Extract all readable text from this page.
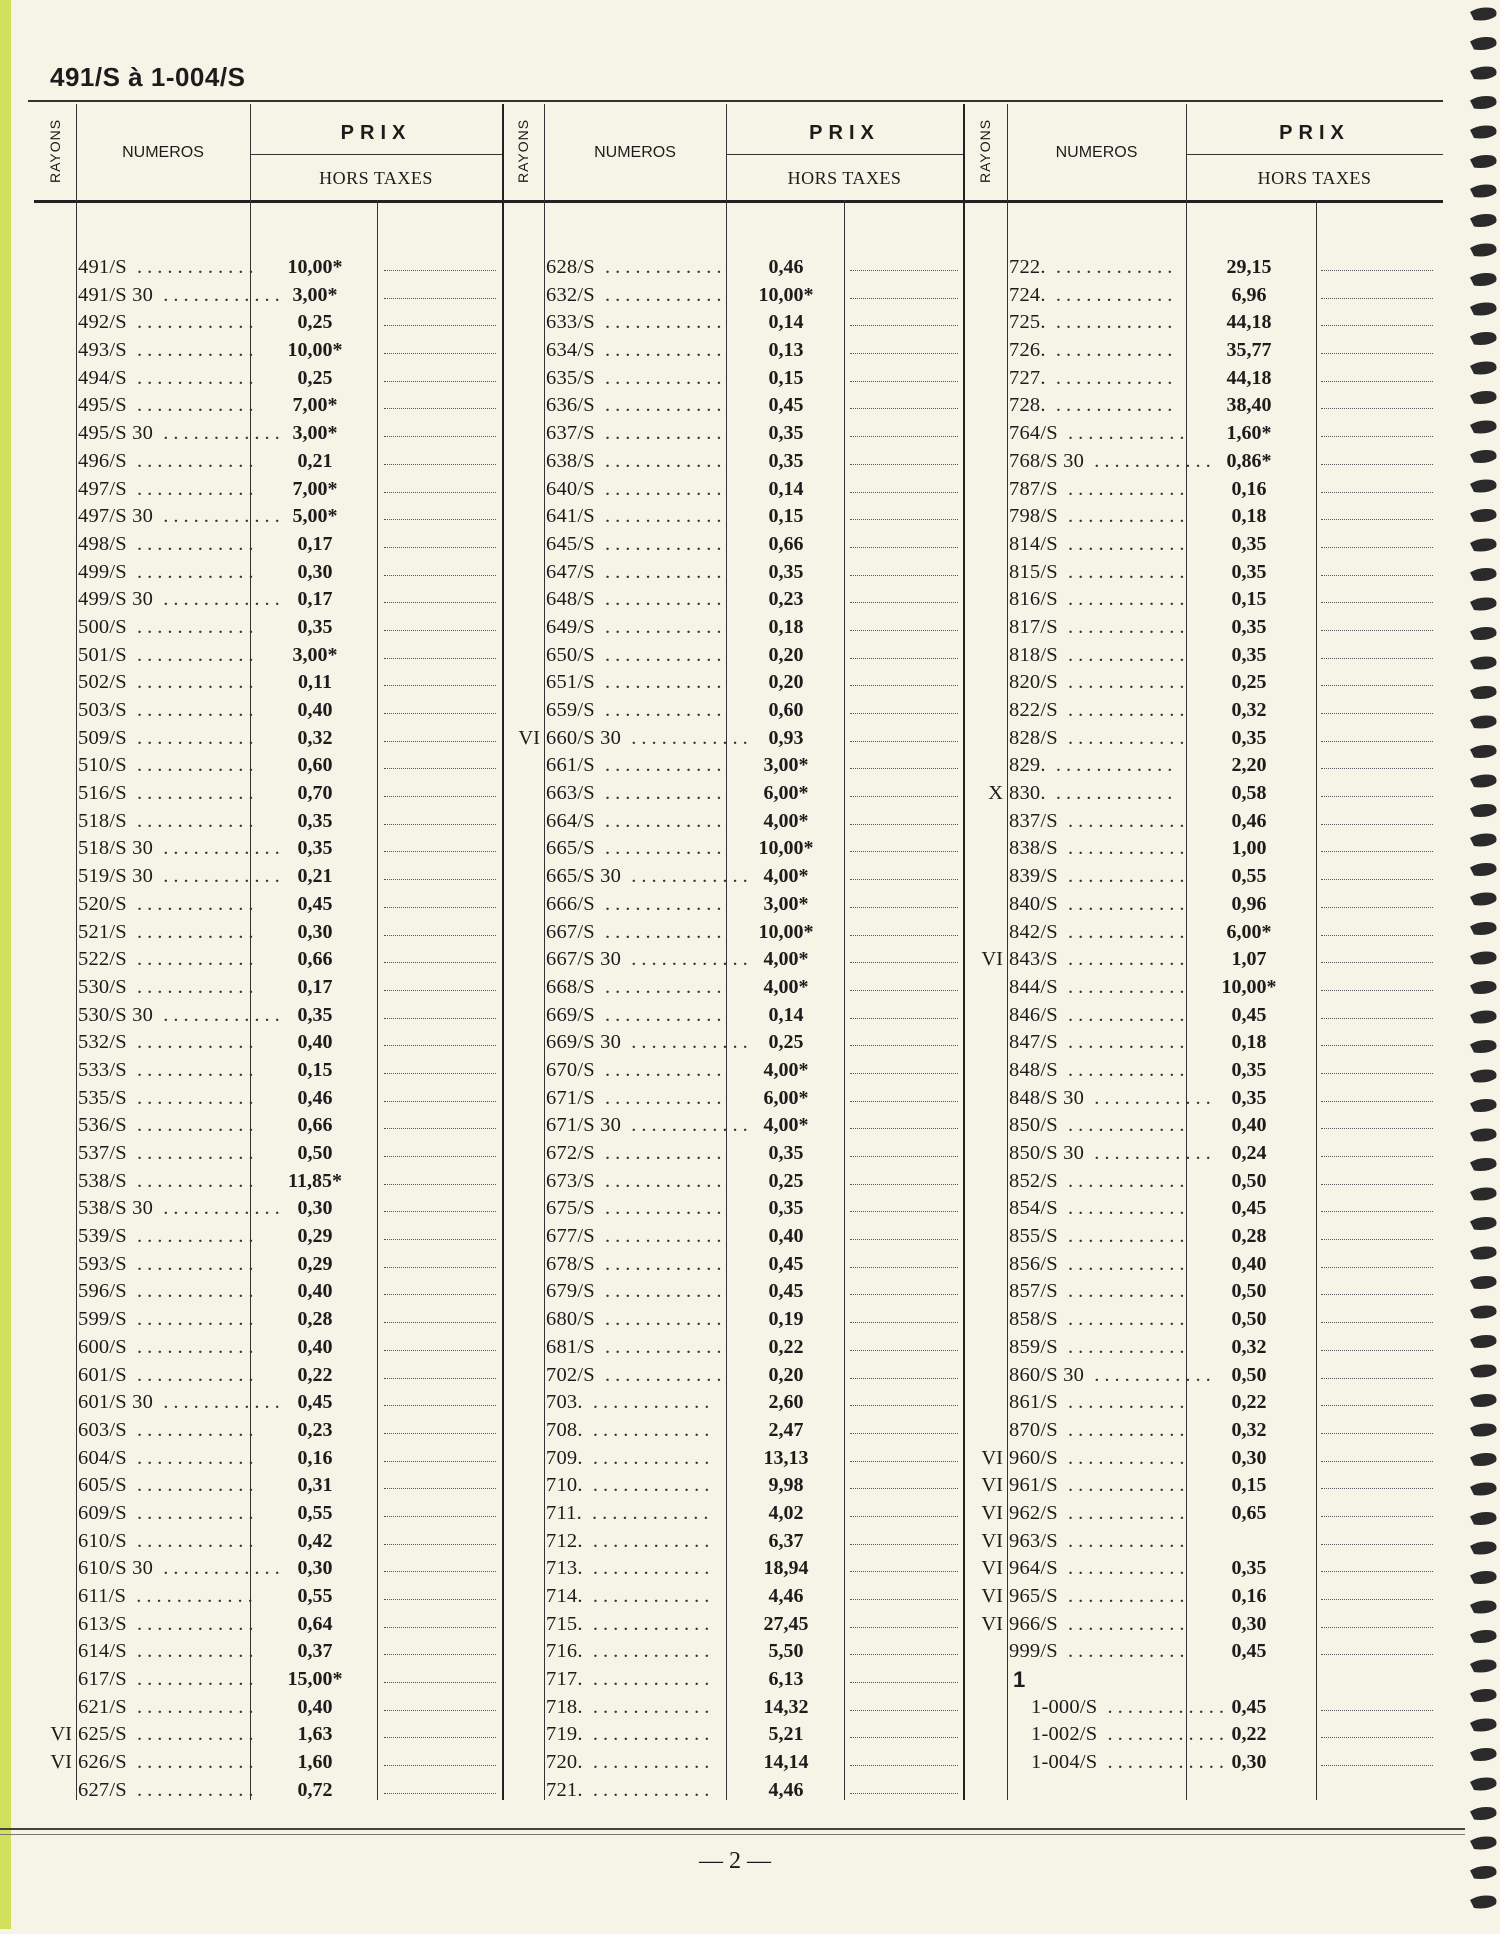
491/S à 1-004/S
RAYONS	NUMEROS
PRIX
HORS TAXES
491/S ............	10,00*
491/S 30 ............ 3,00*
492/S ............	0,25
493/S ............	10,00*
494/S ............	0,25
495/S ............	7,00*
495/S 30 ............ 3,00*
496/S ............	0,21
497/S ............	7,00*
497/S 30 ............ 5,00*
498/S ............	0,17
499/S ............	0,30
499/S 30 ............ 0,17
500/S ............	0,35
501/S ............	3,00*
502/S ............	0,11
503/S ............	0,40
509/S ............	0,32
510/S ............	0,60
516/S ............	0,70
518/S ............	0,35
518/S 30 ............ 0,35
519/S 30 ............ 0,21
520/S ............	0,45
521/S ............	0,30
522/S ............	0,66
530/S ............	0,17
530/S 30 ............ 0,35
532/S ............	0,40
533/S ............	0,15
535/S ............	0,46
536/S ............	0,66
537/S ............	0,50
538/S ............	11,85*
538/S 30 ............ 0,30
539/S ............	0,29
593/S ............	0,29
596/S ............	0,40
599/S ............	0,28
600/S ............	0,40
601/S ............	0,22
601/S 30 ............ 0,45
603/S ............	0,23
604/S ............	0,16
605/S ............	0,31
609/S ............	0,55
610/S ............	0,42
610/S 30 ............ 0,30
611/S ............	0,55
613/S ............	0,64
614/S ............	0,37
617/S ............	15,00*
621/S ............	0,40
VI 625/S ............	1,63
VI 626/S ............	1,60
627/S ............	0,72
RAYONS	NUMEROS
PRIX
HORS TAXES
628/S ............	0,46
632/S ............	10,00*
633/S ............	0,14
634/S ............	0,13
635/S ............	0,15
636/S ............	0,45
637/S ............	0,35
638/S ............	0,35
640/S ............	0,14
641/S ............	0,15
645/S ............	0,66
647/S ............	0,35
648/S ............	0,23
649/S ............	0,18
650/S ............	0,20
651/S ............	0,20
659/S ............	0,60
VI 660/S 30 ............ 0,93
661/S ............	3,00*
663/S ............	6,00*
664/S ............	4,00*
665/S ............	10,00*
665/S 30 ............ 4,00*
666/S ............	3,00*
667/S ............	10,00*
667/S 30 ............ 4,00*
668/S ............	4,00*
669/S ............	0,14
669/S 30 ............ 0,25
670/S ............	4,00*
671/S ............	6,00*
671/S 30 ............ 4,00*
672/S ............	0,35
673/S ............	0,25
675/S ............	0,35
677/S ............	0,40
678/S ............	0,45
679/S ............	0,45
680/S ............	0,19
681/S ............	0,22
702/S ............	0,20
703. ............	2,60
708. ............	2,47
709. ............	13,13
710. ............	9,98
711. ............	4,02
712. ............	6,37
713. ............	18,94
714. ............	4,46
715. ............	27,45
716. ............	5,50
717. ............	6,13
718. ............	14,32
719. ............	5,21
720. ............	14,14
721. ............	4,46
RAYONS	NUMEROS
PRIX
HORS TAXES
722. ............	29,15
724. ............	6,96
725. ............	44,18
726. ............	35,77
727. ............	44,18
728. ............	38,40
764/S ............	1,60*
768/S 30 ............ 0,86*
787/S ............	0,16
798/S ............	0,18
814/S ............	0,35
815/S ............	0,35
816/S ............	0,15
817/S ............	0,35
818/S ............	0,35
820/S ............	0,25
822/S ............	0,32
828/S ............	0,35
829. ............	2,20
X 830. ............	0,58
837/S ............	0,46
838/S ............	1,00
839/S ............	0,55
840/S ............	0,96
842/S ............	6,00*
VI 843/S ............	1,07
844/S ............	10,00*
846/S ............	0,45
847/S ............	0,18
848/S ............	0,35
848/S 30 ............ 0,35
850/S ............	0,40
850/S 30 ............ 0,24
852/S ............	0,50
854/S ............	0,45
855/S ............	0,28
856/S ............	0,40
857/S ............	0,50
858/S ............	0,50
859/S ............	0,32
860/S 30 ............ 0,50
861/S ............	0,22
870/S ............	0,32
VI 960/S ............	0,30
VI 961/S ............	0,15
VI 962/S ............	0,65
VI 963/S ............
VI 964/S ............	0,35
VI 965/S ............	0,16
VI 966/S ............	0,30
999/S ............	0,45
1
1-000/S ............ 0,45
1-002/S ............ 0,22
1-004/S ............ 0,30
— 2 —
